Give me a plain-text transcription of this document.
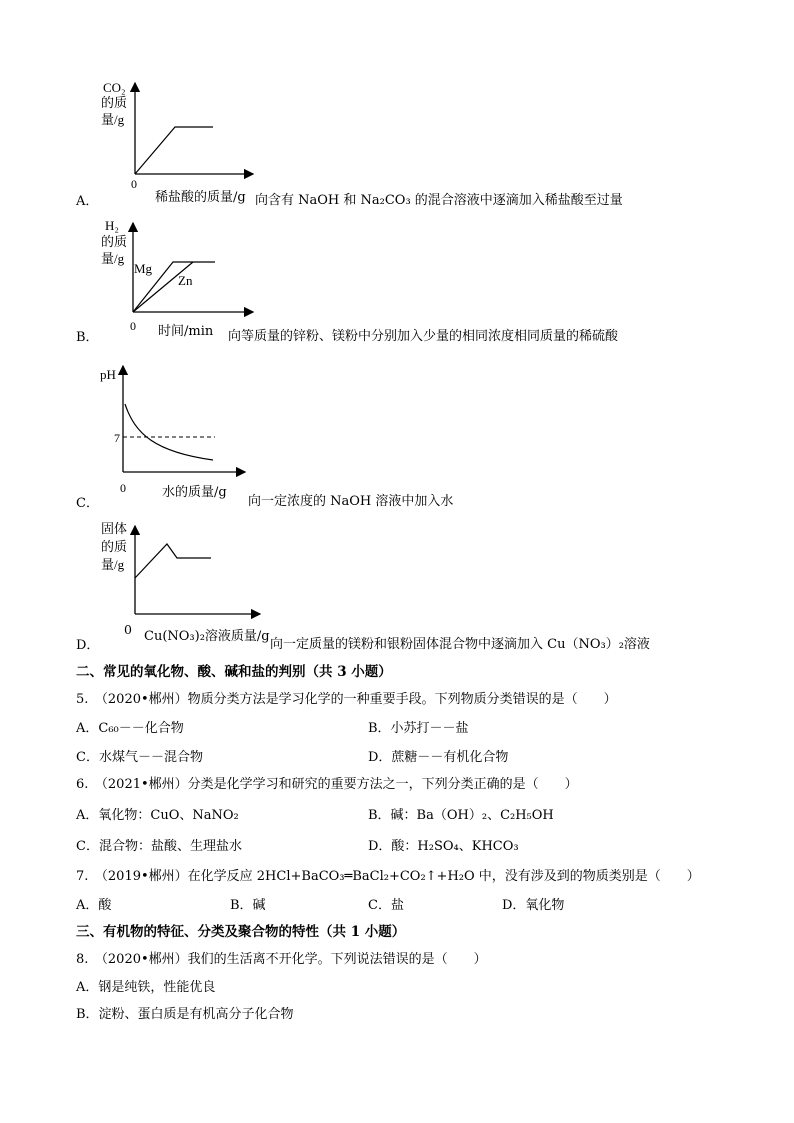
CO₂
的质
量/g
0
A．	稀盐酸的质量/g 向含有 NaOH 和 Na₂CO₃ 的混合溶液中逐滴加入稀盐酸至过量
H₂
的质
量/g
Mg
Zn
0
B．	时间/min 向等质量的锌粉、镁粉中分别加入少量的相同浓度相同质量的稀硫酸
pH
7
0
C．
水的质量/g
向一定浓度的 NaOH 溶液中加入水
固体
的质
量/g
0
D．
Cu(NO₃)₂溶液质量/g
向一定质量的镁粉和银粉固体混合物中逐滴加入 Cu（NO₃）₂溶液
二、常见的氧化物、酸、碱和盐的判别（共 3 小题）
5.　（2020•郴州）物质分类方法是学习化学的一种重要手段。下列物质分类错误的是（　　）
A．C₆₀－－化合物	B．小苏打－－盐
C．水煤气－－混合物	D．蔗糖－－有机化合物
6.　（2021•郴州）分类是化学学习和研究的重要方法之一，下列分类正确的是（　　）
A．氧化物：CuO、NaNO₂	B．碱：Ba（OH）₂、C₂H₅OH
C．混合物：盐酸、生理盐水	D．酸：H₂SO₄、KHCO₃
7.　（2019•郴州）在化学反应 2HCl+BaCO₃═BaCl₂+CO₂↑+H₂O 中，没有涉及到的物质类别是（　　）
A．酸	B．碱	C．盐	D．氧化物
三、有机物的特征、分类及聚合物的特性（共 1 小题）
8.　（2020•郴州）我们的生活离不开化学。下列说法错误的是（　　）
A．钢是纯铁，性能优良
B．淀粉、蛋白质是有机高分子化合物
